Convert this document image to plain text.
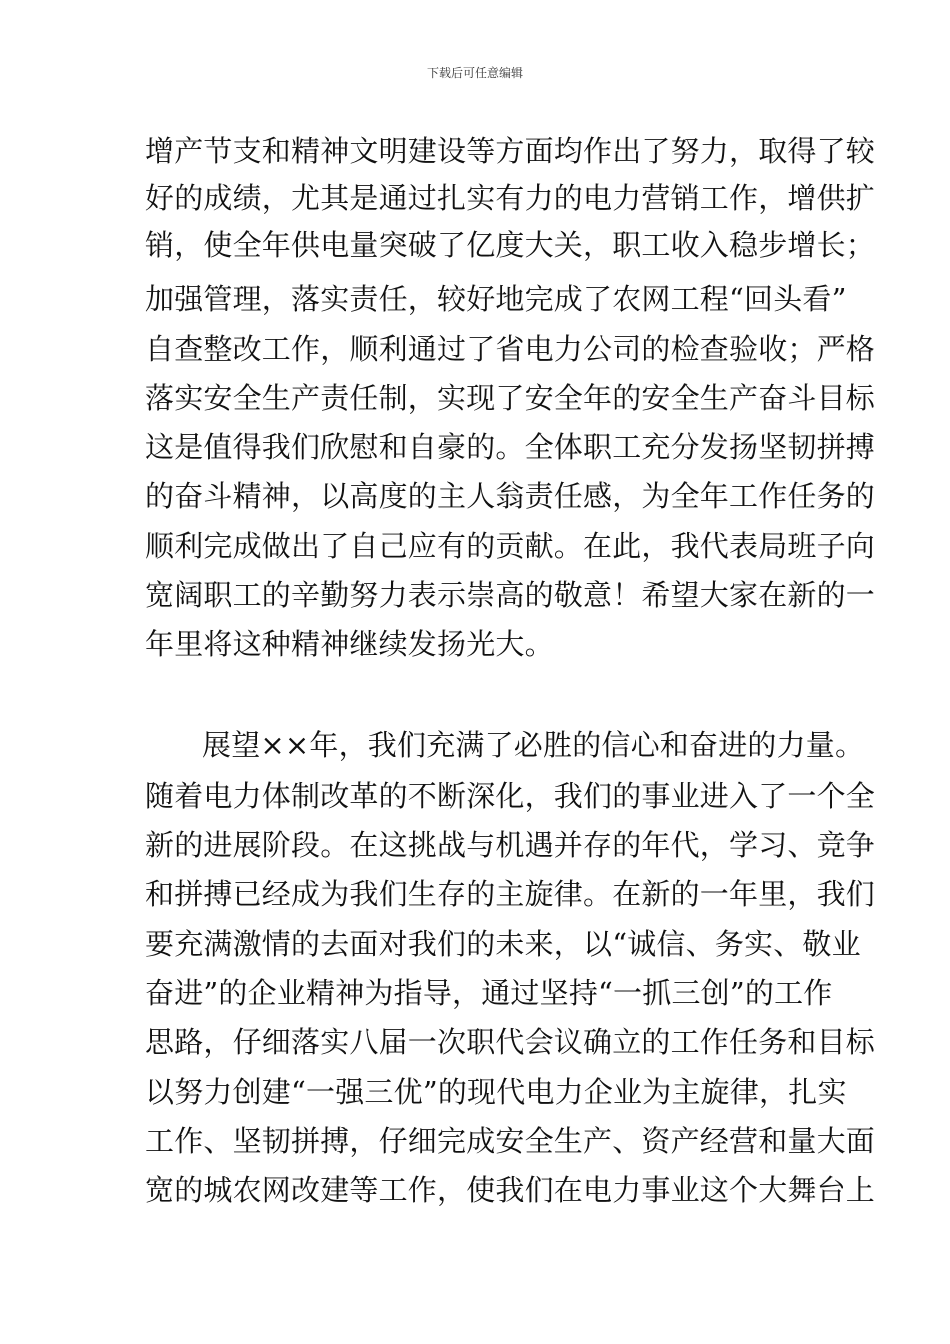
下载后可任意编辑
增产节支和精神文明建设等方面均作出了努力，取得了较
好的成绩，尤其是通过扎实有力的电力营销工作，增供扩
销，使全年供电量突破了亿度大关，职工收入稳步增长；
加强管理，落实责任，较好地完成了农网工程“回头看”
自查整改工作，顺利通过了省电力公司的检查验收；严格
落实安全生产责任制，实现了安全年的安全生产奋斗目标
这是值得我们欣慰和自豪的。全体职工充分发扬坚韧拼搏
的奋斗精神，以高度的主人翁责任感，为全年工作任务的
顺利完成做出了自己应有的贡献。在此，我代表局班子向
宽阔职工的辛勤努力表示崇高的敬意！希望大家在新的一
年里将这种精神继续发扬光大。
展望××年，我们充满了必胜的信心和奋进的力量。
随着电力体制改革的不断深化，我们的事业进入了一个全
新的进展阶段。在这挑战与机遇并存的年代，学习、竞争
和拼搏已经成为我们生存的主旋律。在新的一年里，我们
要充满激情的去面对我们的未来，以“诚信、务实、敬业
奋进”的企业精神为指导，通过坚持“一抓三创”的工作
思路，仔细落实八届一次职代会议确立的工作任务和目标
以努力创建“一强三优”的现代电力企业为主旋律，扎实
工作、坚韧拼搏，仔细完成安全生产、资产经营和量大面
宽的城农网改建等工作，使我们在电力事业这个大舞台上
